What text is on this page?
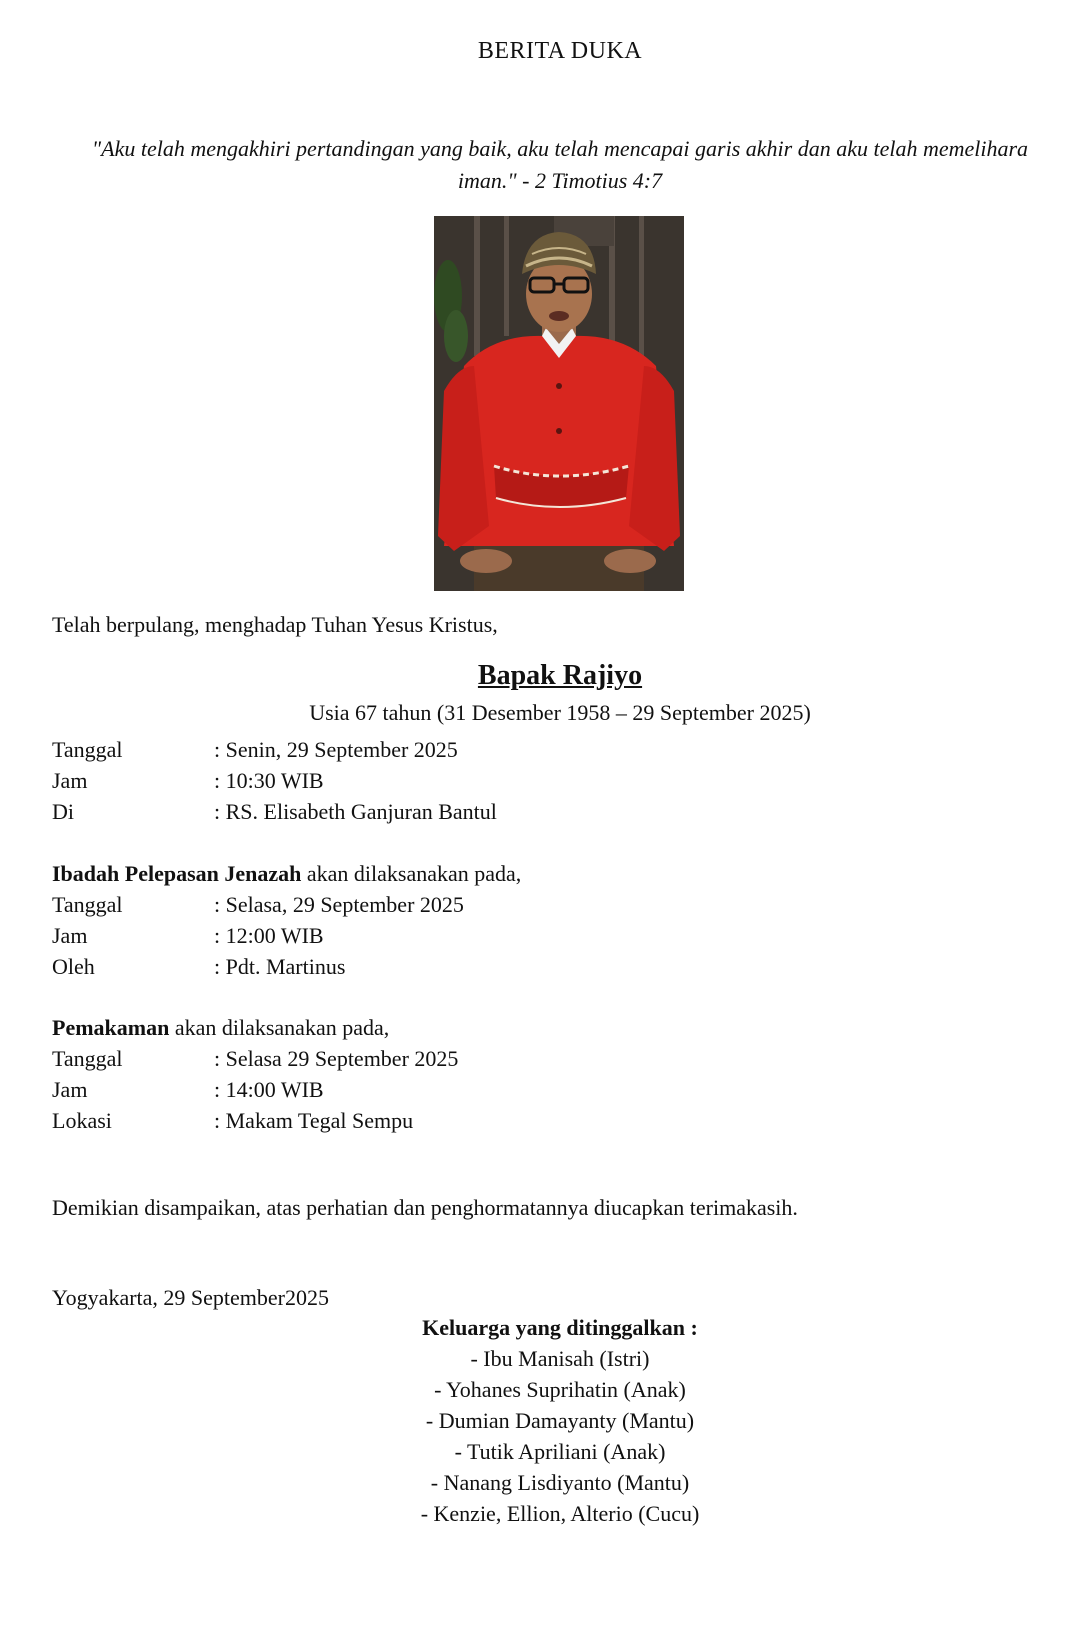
BERITA DUKA
"Aku telah mengakhiri pertandingan yang baik, aku telah mencapai garis akhir dan aku telah memelihara iman." - 2 Timotius 4:7
Telah berpulang, menghadap Tuhan Yesus Kristus,
Bapak Rajiyo
Usia 67 tahun (31 Desember 1958 – 29 September 2025)
Tanggal	: Senin, 29 September 2025
Jam	: 10:30 WIB
Di	: RS. Elisabeth Ganjuran Bantul
Ibadah Pelepasan Jenazah akan dilaksanakan pada,
Tanggal	: Selasa, 29 September 2025
Jam	: 12:00 WIB
Oleh	: Pdt. Martinus
Pemakaman akan dilaksanakan pada,
Tanggal	: Selasa 29 September 2025
Jam	: 14:00 WIB
Lokasi	: Makam Tegal Sempu
Demikian disampaikan, atas perhatian dan penghormatannya diucapkan terimakasih.
Yogyakarta, 29 September2025
Keluarga yang ditinggalkan :
- Ibu Manisah (Istri)
- Yohanes Suprihatin (Anak)
- Dumian Damayanty (Mantu)
- Tutik Apriliani (Anak)
- Nanang Lisdiyanto (Mantu)
- Kenzie, Ellion, Alterio (Cucu)
